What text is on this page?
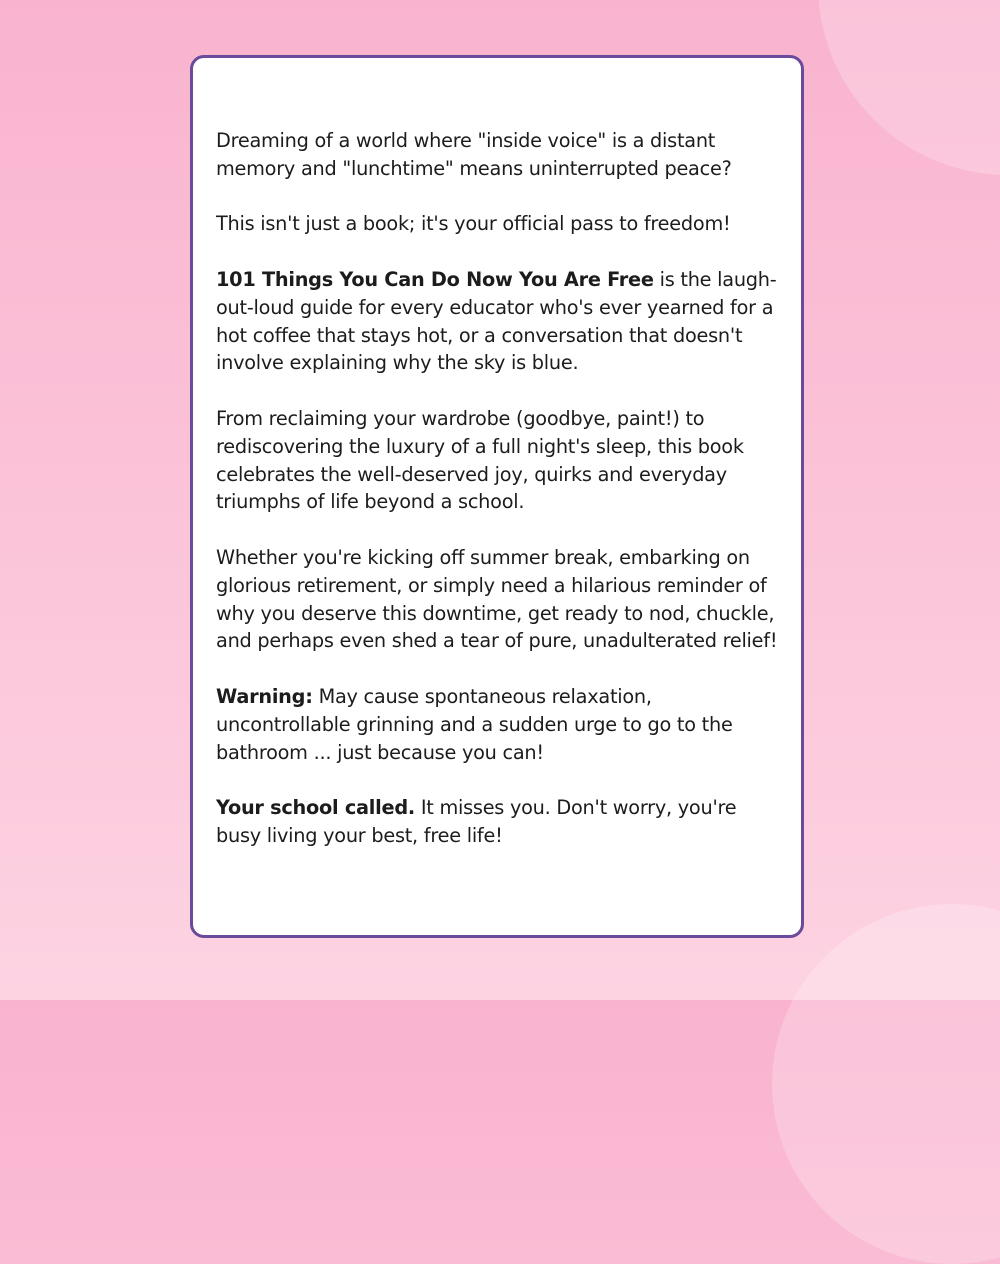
Dreaming of a world where "inside voice" is a distant memory and "lunchtime" means uninterrupted peace?

This isn't just a book; it's your official pass to freedom!

101 Things You Can Do Now You Are Free is the laugh-out-loud guide for every educator who's ever yearned for a hot coffee that stays hot, or a conversation that doesn't involve explaining why the sky is blue.

From reclaiming your wardrobe (goodbye, paint!) to rediscovering the luxury of a full night's sleep, this book celebrates the well-deserved joy, quirks and everyday triumphs of life beyond a school.

Whether you're kicking off summer break, embarking on glorious retirement, or simply need a hilarious reminder of why you deserve this downtime, get ready to nod, chuckle, and perhaps even shed a tear of pure, unadulterated relief!

Warning: May cause spontaneous relaxation, uncontrollable grinning and a sudden urge to go to the bathroom ... just because you can!

Your school called. It misses you. Don't worry, you're busy living your best, free life!
